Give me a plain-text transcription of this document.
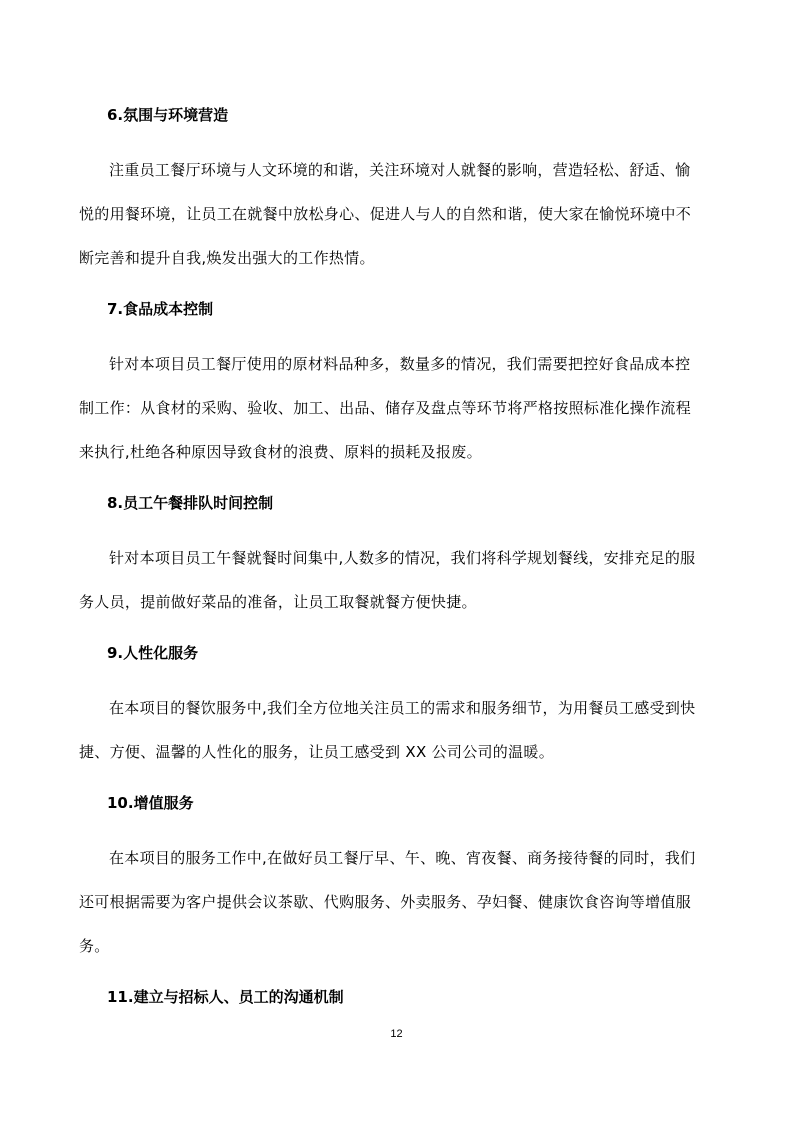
6.氛围与环境营造
注重员工餐厅环境与人文环境的和谐，关注环境对人就餐的影响，营造轻松、舒适、愉
悦的用餐环境，让员工在就餐中放松身心、促进人与人的自然和谐，使大家在愉悦环境中不
断完善和提升自我,焕发出强大的工作热情。
7.食品成本控制
针对本项目员工餐厅使用的原材料品种多，数量多的情况，我们需要把控好食品成本控
制工作：从食材的采购、验收、加工、出品、储存及盘点等环节将严格按照标准化操作流程
来执行,杜绝各种原因导致食材的浪费、原料的损耗及报废。
8.员工午餐排队时间控制
针对本项目员工午餐就餐时间集中,人数多的情况，我们将科学规划餐线，安排充足的服
务人员，提前做好菜品的准备，让员工取餐就餐方便快捷。
9.人性化服务
在本项目的餐饮服务中,我们全方位地关注员工的需求和服务细节，为用餐员工感受到快
捷、方便、温馨的人性化的服务，让员工感受到 XX 公司公司的温暖。
10.增值服务
在本项目的服务工作中,在做好员工餐厅早、午、晚、宵夜餐、商务接待餐的同时，我们
还可根据需要为客户提供会议茶歇、代购服务、外卖服务、孕妇餐、健康饮食咨询等增值服
务。
11.建立与招标人、员工的沟通机制
12
